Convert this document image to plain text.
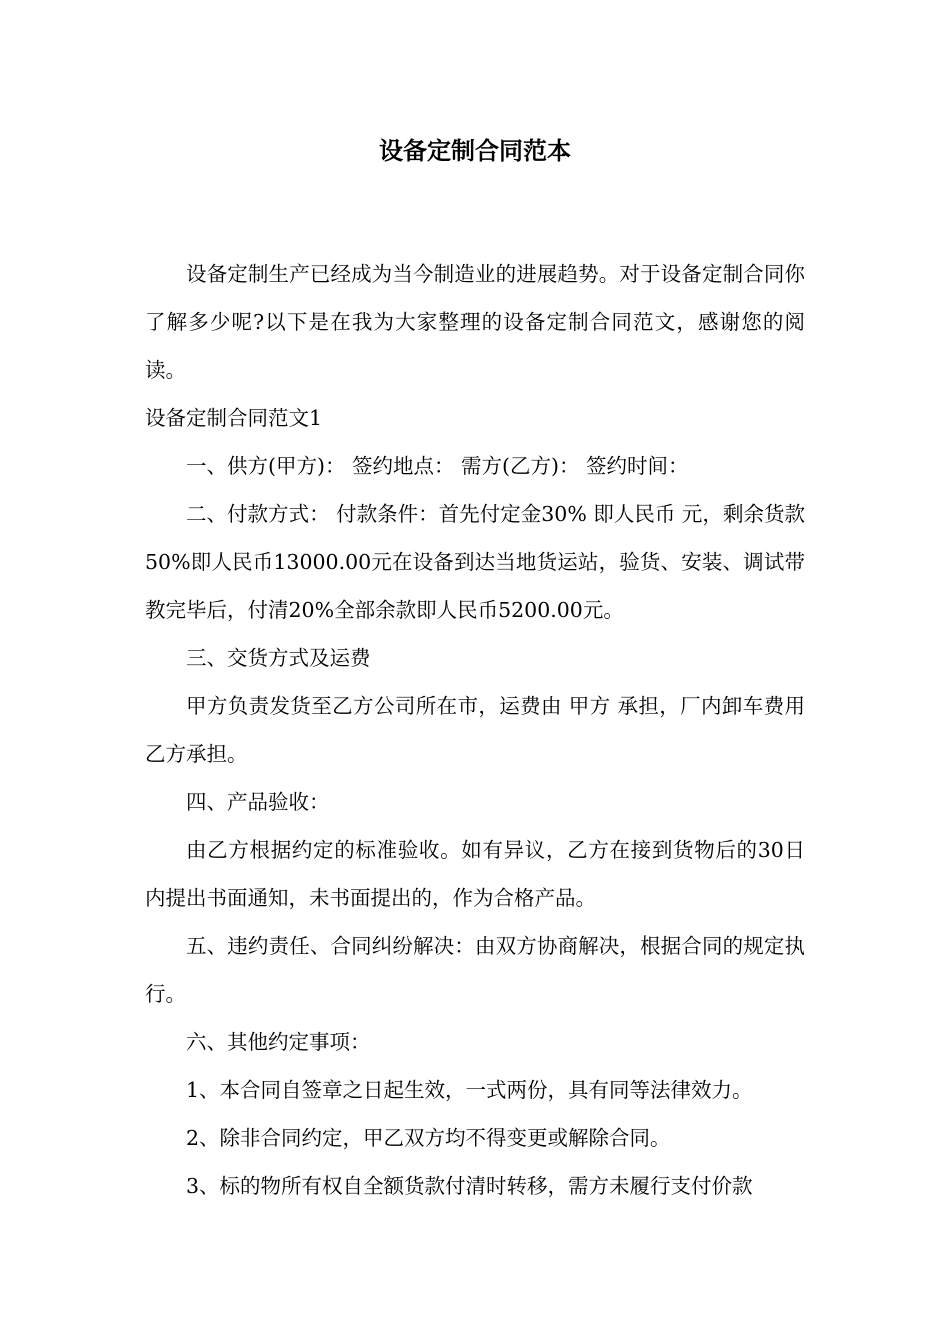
设备定制合同范本

设备定制生产已经成为当今制造业的进展趋势。对于设备定制合同你了解多少呢?以下是在我为大家整理的设备定制合同范文，感谢您的阅读。

设备定制合同范文1

一、供方(甲方)： 签约地点： 需方(乙方)： 签约时间：

二、付款方式： 付款条件：首先付定金30% 即人民币 元，剩余货款50%即人民币13000.00元在设备到达当地货运站，验货、安装、调试带教完毕后，付清20%全部余款即人民币5200.00元。

三、交货方式及运费

甲方负责发货至乙方公司所在市，运费由 甲方 承担，厂内卸车费用乙方承担。

四、产品验收：

由乙方根据约定的标准验收。如有异议，乙方在接到货物后的30日内提出书面通知，未书面提出的，作为合格产品。

五、违约责任、合同纠纷解决：由双方协商解决，根据合同的规定执行。

六、其他约定事项：

1、本合同自签章之日起生效，一式两份，具有同等法律效力。

2、除非合同约定，甲乙双方均不得变更或解除合同。

3、标的物所有权自全额货款付清时转移，需方未履行支付价款
